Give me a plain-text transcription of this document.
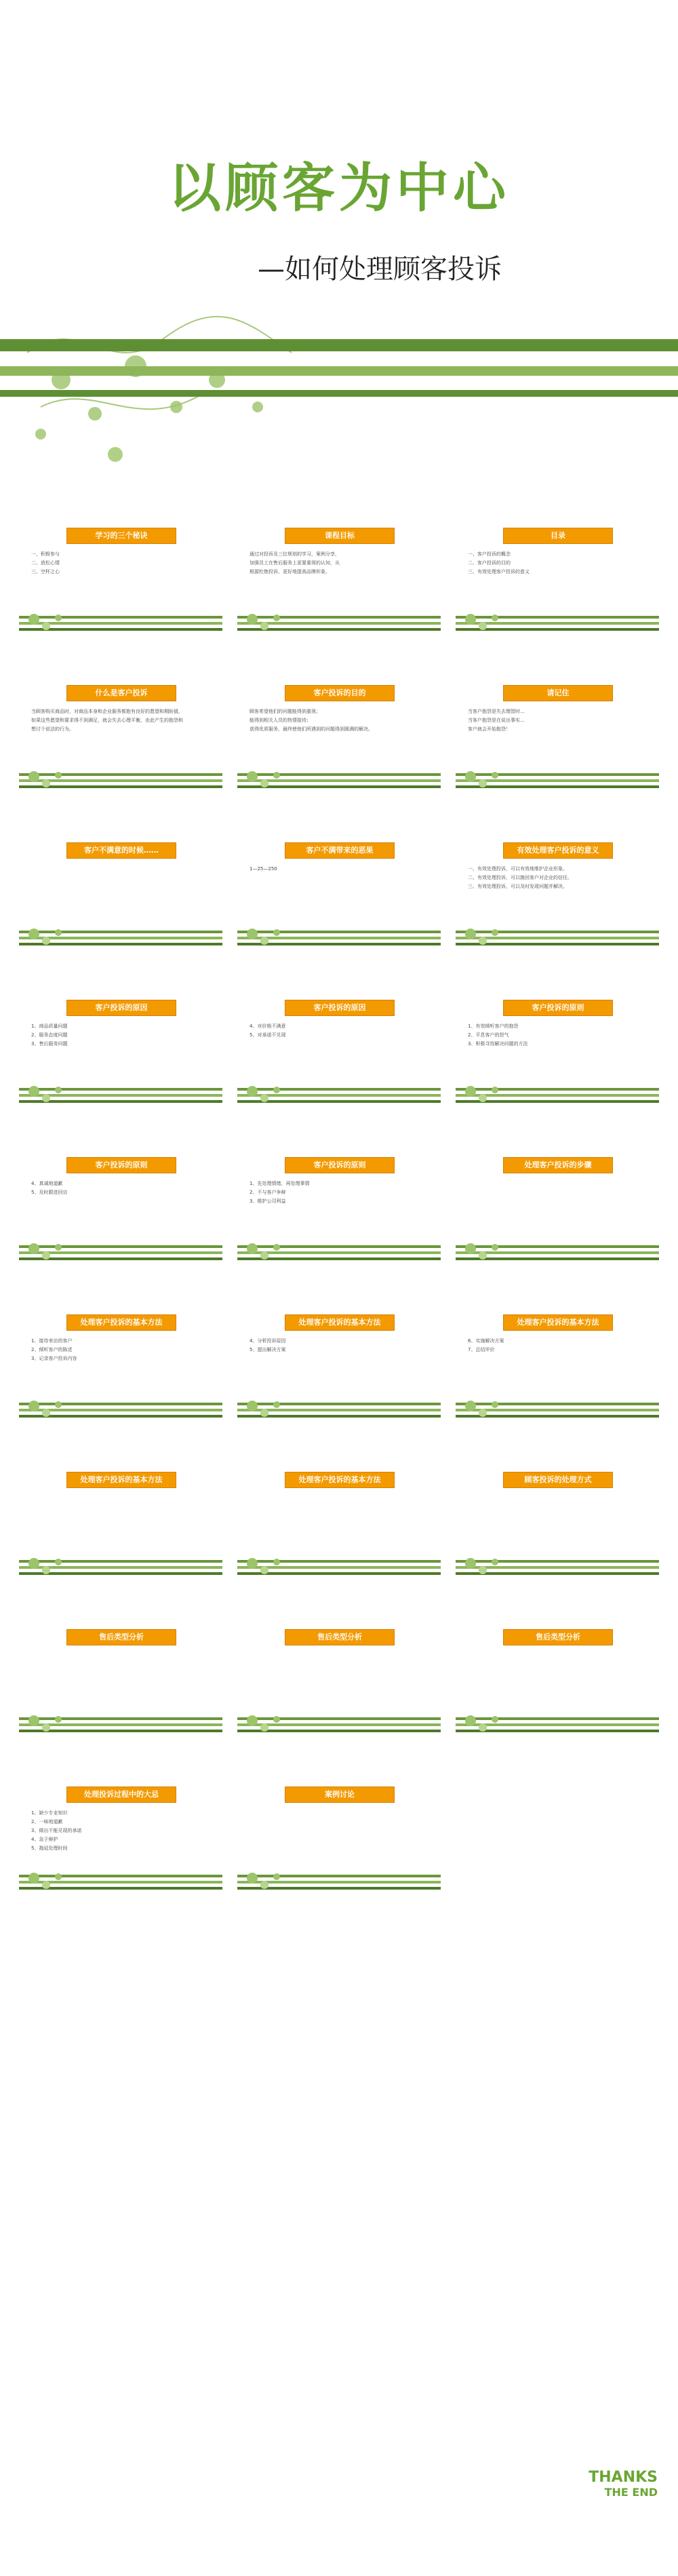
以顾客为中心
—如何处理顾客投诉
学习的三个秘诀

一、积极参与

二、放松心情

三、空杯之心

课程目标

通过对投诉及三位规划的学习，案例分享，

加强员工在售后服务上更要重视的认知，从

根源杜绝投诉，更好地提高品牌形象。

目录

一、客户投诉的概念

二、客户投诉的目的

三、有效处理客户投诉的意义

什么是客户投诉

当顾客购买商品时，对商品本身和企业服务都抱有良好的愿望和期盼值，

如果这些愿望和要求得不到满足，就会失去心理平衡，由此产生的抱怨和

想讨个说法的行为。

客户投诉的目的

顾客希望他们的问题能得到重视；

能得到相关人员的热情接待；

获得优质服务，最终使他们所遇到的问题得到圆满的解决。

请记住

当客户抱怨是失去理智时…

当客户抱怨是在说出事实…

客户就会开始抱怨！

客户不满意的时候……	客户不满带来的恶果

1—25—250

有效处理客户投诉的意义

一、有效处理投诉，可以有效地维护企业形象。

二、有效处理投诉，可以挽回客户对企业的信任。

三、有效处理投诉，可以及时发现问题并解决。

客户投诉的原因

1、商品质量问题

2、服务态度问题

3、售后服务问题

客户投诉的原因

4、对价格不满意

5、对承诺不兑现

客户投诉的原则

1、有效倾听客户的抱怨

2、平息客户的怒气

3、积极寻找解决问题的方法

客户投诉的原则

4、真诚地道歉

5、及时跟进回访

客户投诉的原则

1、先处理情绪，再处理事情

2、不与客户争辩

3、维护公司利益

处理客户投诉的步骤
处理客户投诉的基本方法

1、接待来访的客户

2、倾听客户的陈述

3、记录客户投诉内容

处理客户投诉的基本方法

4、分析投诉原因

5、提出解决方案

处理客户投诉的基本方法

6、实施解决方案

7、总结评价

处理客户投诉的基本方法	处理客户投诉的基本方法	顾客投诉的处理方式
售后类型分析	售后类型分析	售后类型分析
处理投诉过程中的大忌

1、缺少专业知识

2、一味地道歉

3、做出不能兑现的承诺

4、急于辩护

5、拖延处理时间

案例讨论
THANKS
THE END
